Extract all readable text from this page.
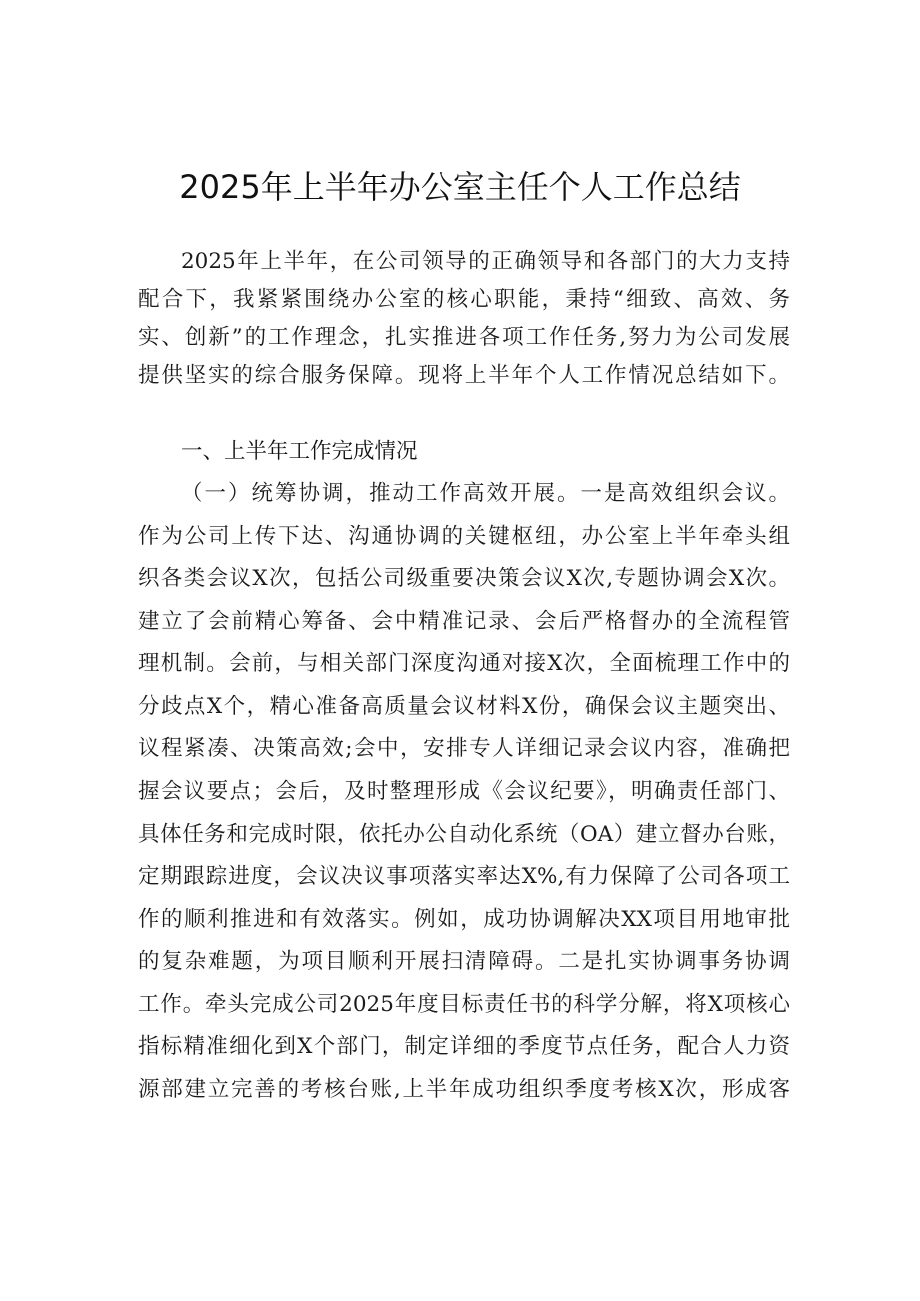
2025年上半年办公室主任个人工作总结
2025年上半年，在公司领导的正确领导和各部门的大力支持
配合下，我紧紧围绕办公室的核心职能，秉持“细致、高效、务
实、创新”的工作理念，扎实推进各项工作任务,努力为公司发展
提供坚实的综合服务保障。现将上半年个人工作情况总结如下。
一、上半年工作完成情况
（一）统筹协调，推动工作高效开展。一是高效组织会议。
作为公司上传下达、沟通协调的关键枢纽，办公室上半年牵头组
织各类会议X次，包括公司级重要决策会议X次,专题协调会X次。
建立了会前精心筹备、会中精准记录、会后严格督办的全流程管
理机制。会前，与相关部门深度沟通对接X次，全面梳理工作中的
分歧点X个，精心准备高质量会议材料X份，确保会议主题突出、
议程紧凑、决策高效;会中，安排专人详细记录会议内容，准确把
握会议要点；会后，及时整理形成《会议纪要》，明确责任部门、
具体任务和完成时限，依托办公自动化系统（OA）建立督办台账，
定期跟踪进度，会议决议事项落实率达X%,有力保障了公司各项工
作的顺利推进和有效落实。例如，成功协调解决XX项目用地审批
的复杂难题，为项目顺利开展扫清障碍。二是扎实协调事务协调
工作。牵头完成公司2025年度目标责任书的科学分解，将X项核心
指标精准细化到X个部门，制定详细的季度节点任务，配合人力资
源部建立完善的考核台账,上半年成功组织季度考核X次，形成客
